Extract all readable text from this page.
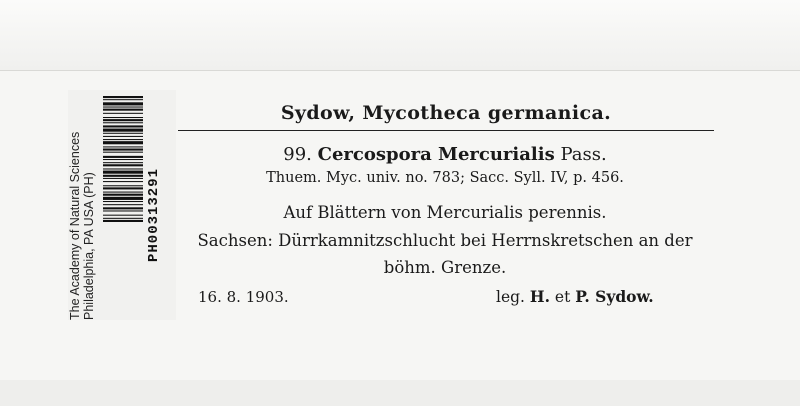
The Academy of Natural Sciences Philadelphia, PA USA (PH)	PH00313291
Sydow, Mycotheca germanica.
99. Cercospora Mercurialis Pass.
Thuem. Myc. univ. no. 783; Sacc. Syll. IV, p. 456.
Auf Blättern von Mercurialis perennis.
Sachsen: Dürrkamnitzschlucht bei Herrnskretschen an der
böhm. Grenze.
16. 8. 1903.	leg. H. et P. Sydow.
